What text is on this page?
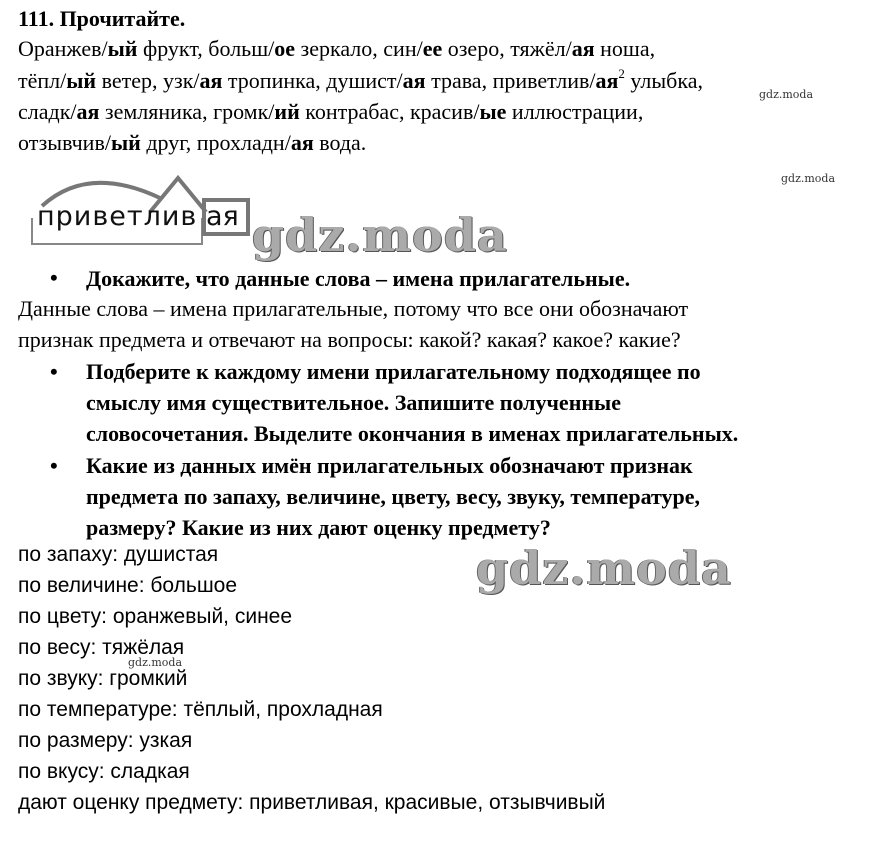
111. Прочитайте.
Оранжев/ый фрукт, больш/ое зеркало, син/ее озеро, тяжёл/ая ноша,
тёпл/ый ветер, узк/ая тропинка, душист/ая трава, приветлив/$ая^2$ улыбка,
сладк/ая земляника, громк/ий контрабас, красив/ые иллюстрации,
отзывчив/ый друг, прохладн/ая вода.
gdz.moda
gdz.moda
gdz.moda
приветлив ая gdz.moda
gdz.moda
• Докажите, что данные слова – имена прилагательные.
Данные слова – имена прилагательные, потому что все они обозначают
признак предмета и отвечают на вопросы: какой? какая? какое? какие?
• Подберите к каждому имени прилагательному подходящее по
смыслу имя существительное. Запишите полученные
словосочетания. Выделите окончания в именах прилагательных.
• Какие из данных имён прилагательных обозначают признак
предмета по запаху, величине, цвету, весу, звуку, температуре,
размеру? Какие из них дают оценку предмету?
по запаху: душистая
по величине: большое
по цвету: оранжевый, синее
по весу: тяжёлая
по звуку: громкий
по температуре: тёплый, прохладная
по размеру: узкая
по вкусу: сладкая
дают оценку предмету: приветливая, красивые, отзывчивый
